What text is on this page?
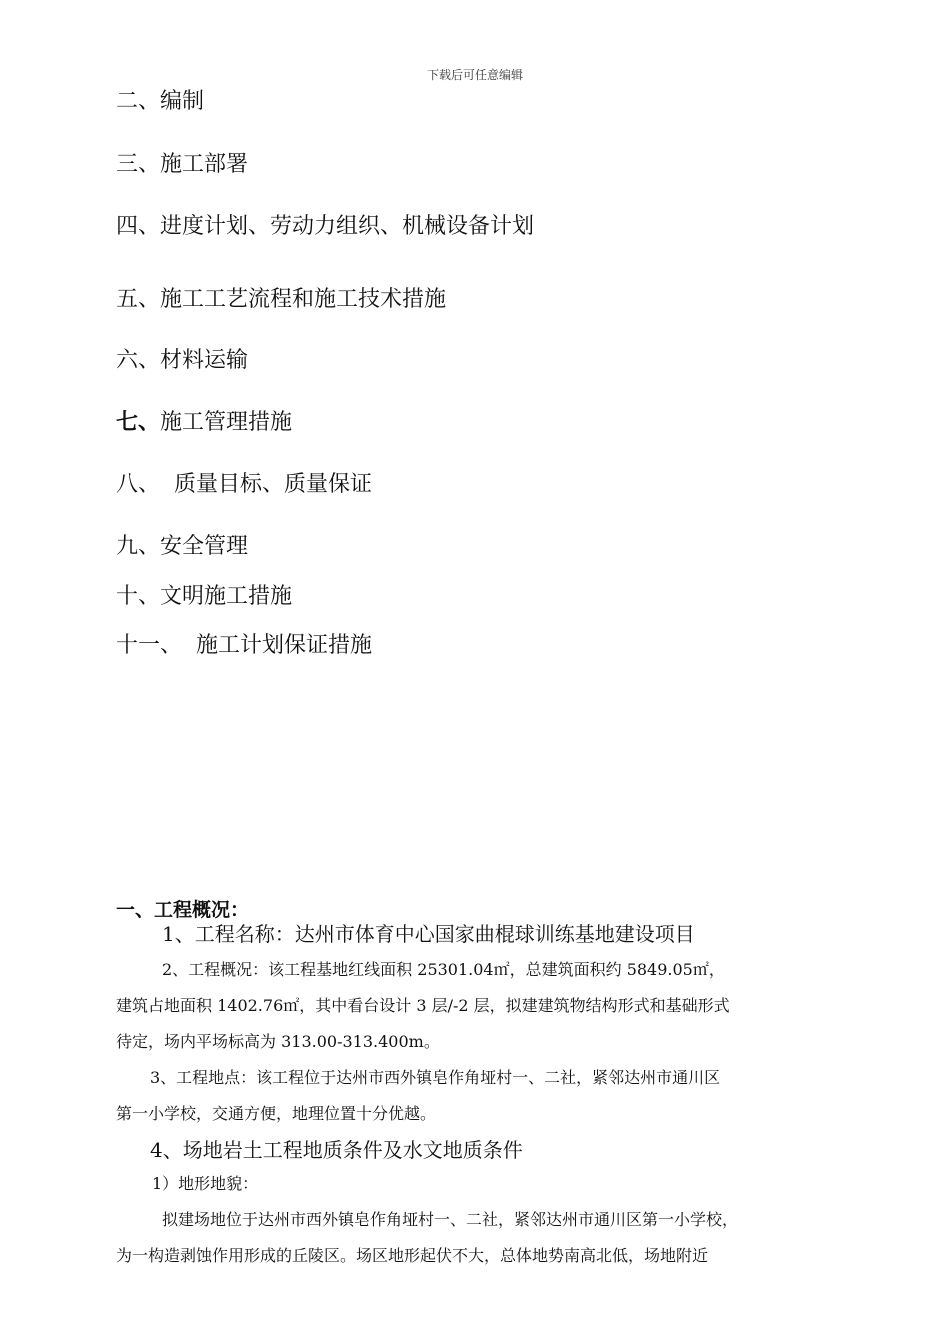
下载后可任意编辑
二、编制
三、施工部署
四、进度计划、劳动力组织、机械设备计划
五、施工工艺流程和施工技术措施
六、材料运输
七、施工管理措施
八、  质量目标、质量保证
九、安全管理
十、文明施工措施
十一、  施工计划保证措施
一、工程概况：
1、工程名称：达州市体育中心国家曲棍球训练基地建设项目
2、工程概况：该工程基地红线面积 25301.04㎡，总建筑面积约 5849.05㎡，
建筑占地面积 1402.76㎡，其中看台设计 3 层/-2 层，拟建建筑物结构形式和基础形式
待定，场内平场标高为 313.00-313.400m。
3、工程地点：该工程位于达州市西外镇皂作角垭村一、二社，紧邻达州市通川区
第一小学校，交通方便，地理位置十分优越。
4、场地岩土工程地质条件及水文地质条件
1）地形地貌：
拟建场地位于达州市西外镇皂作角垭村一、二社，紧邻达州市通川区第一小学校，
为一构造剥蚀作用形成的丘陵区。场区地形起伏不大，总体地势南高北低，场地附近
